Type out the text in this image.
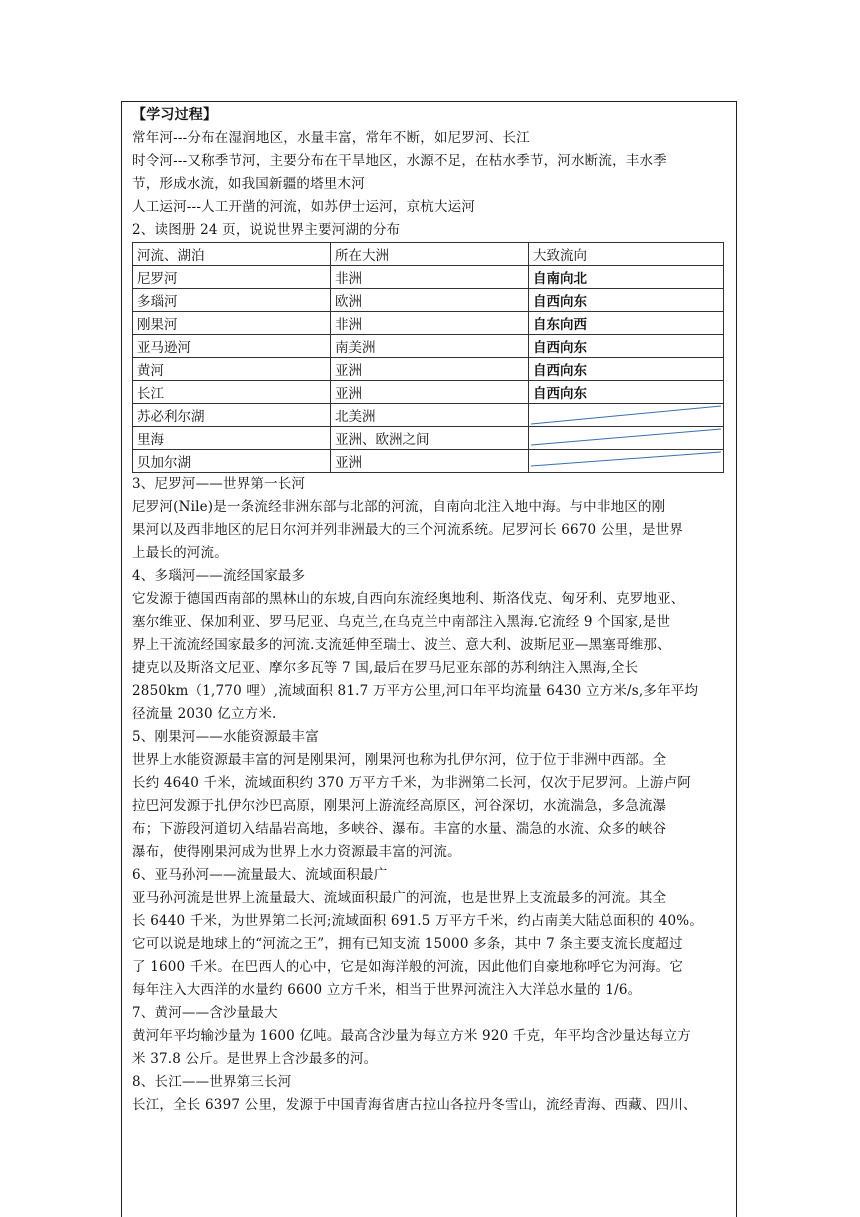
【学习过程】
常年河---分布在湿润地区，水量丰富，常年不断，如尼罗河、长江
时令河---又称季节河，主要分布在干旱地区，水源不足，在枯水季节，河水断流，丰水季
节，形成水流，如我国新疆的塔里木河
人工运河---人工开凿的河流，如苏伊士运河，京杭大运河
2、读图册 24 页，说说世界主要河湖的分布
河流、湖泊	所在大洲	大致流向
尼罗河	非洲	自南向北
多瑙河	欧洲	自西向东
刚果河	非洲	自东向西
亚马逊河	南美洲	自西向东
黄河	亚洲	自西向东
长江	亚洲	自西向东
苏必利尔湖	北美洲	

里海	亚洲、欧洲之间	

贝加尔湖	亚洲	
3、尼罗河——世界第一长河
尼罗河(Nile)是一条流经非洲东部与北部的河流，自南向北注入地中海。与中非地区的刚
果河以及西非地区的尼日尔河并列非洲最大的三个河流系统。尼罗河长 6670 公里，是世界
上最长的河流。
4、多瑙河——流经国家最多
它发源于德国西南部的黑林山的东坡,自西向东流经奥地利、斯洛伐克、匈牙利、克罗地亚、
塞尔维亚、保加利亚、罗马尼亚、乌克兰,在乌克兰中南部注入黑海.它流经 9 个国家,是世
界上干流流经国家最多的河流.支流延伸至瑞士、波兰、意大利、波斯尼亚—黑塞哥维那、
捷克以及斯洛文尼亚、摩尔多瓦等 7 国,最后在罗马尼亚东部的苏利纳注入黑海,全长
2850km（1,770 哩）,流域面积 81.7 万平方公里,河口年平均流量 6430 立方米/s,多年平均
径流量 2030 亿立方米.
5、刚果河——水能资源最丰富
世界上水能资源最丰富的河是刚果河，刚果河也称为扎伊尔河，位于位于非洲中西部。全
长约 4640 千米，流域面积约 370 万平方千米，为非洲第二长河，仅次于尼罗河。上游卢阿
拉巴河发源于扎伊尔沙巴高原，刚果河上游流经高原区，河谷深切，水流湍急，多急流瀑
布；下游段河道切入结晶岩高地，多峡谷、瀑布。丰富的水量、湍急的水流、众多的峡谷
瀑布，使得刚果河成为世界上水力资源最丰富的河流。
6、亚马孙河——流量最大、流域面积最广
亚马孙河流是世界上流量最大、流域面积最广的河流，也是世界上支流最多的河流。其全
长 6440 千米，为世界第二长河;流域面积 691.5 万平方千米，约占南美大陆总面积的 40%。
它可以说是地球上的“河流之王”，拥有已知支流 15000 多条，其中 7 条主要支流长度超过
了 1600 千米。在巴西人的心中，它是如海洋般的河流，因此他们自豪地称呼它为河海。它
每年注入大西洋的水量约 6600 立方千米，相当于世界河流注入大洋总水量的 1/6。
7、黄河——含沙量最大
黄河年平均输沙量为 1600 亿吨。最高含沙量为每立方米 920 千克，年平均含沙量达每立方
米 37.8 公斤。是世界上含沙最多的河。
8、长江——世界第三长河
长江，全长 6397 公里，发源于中国青海省唐古拉山各拉丹冬雪山，流经青海、西藏、四川、
